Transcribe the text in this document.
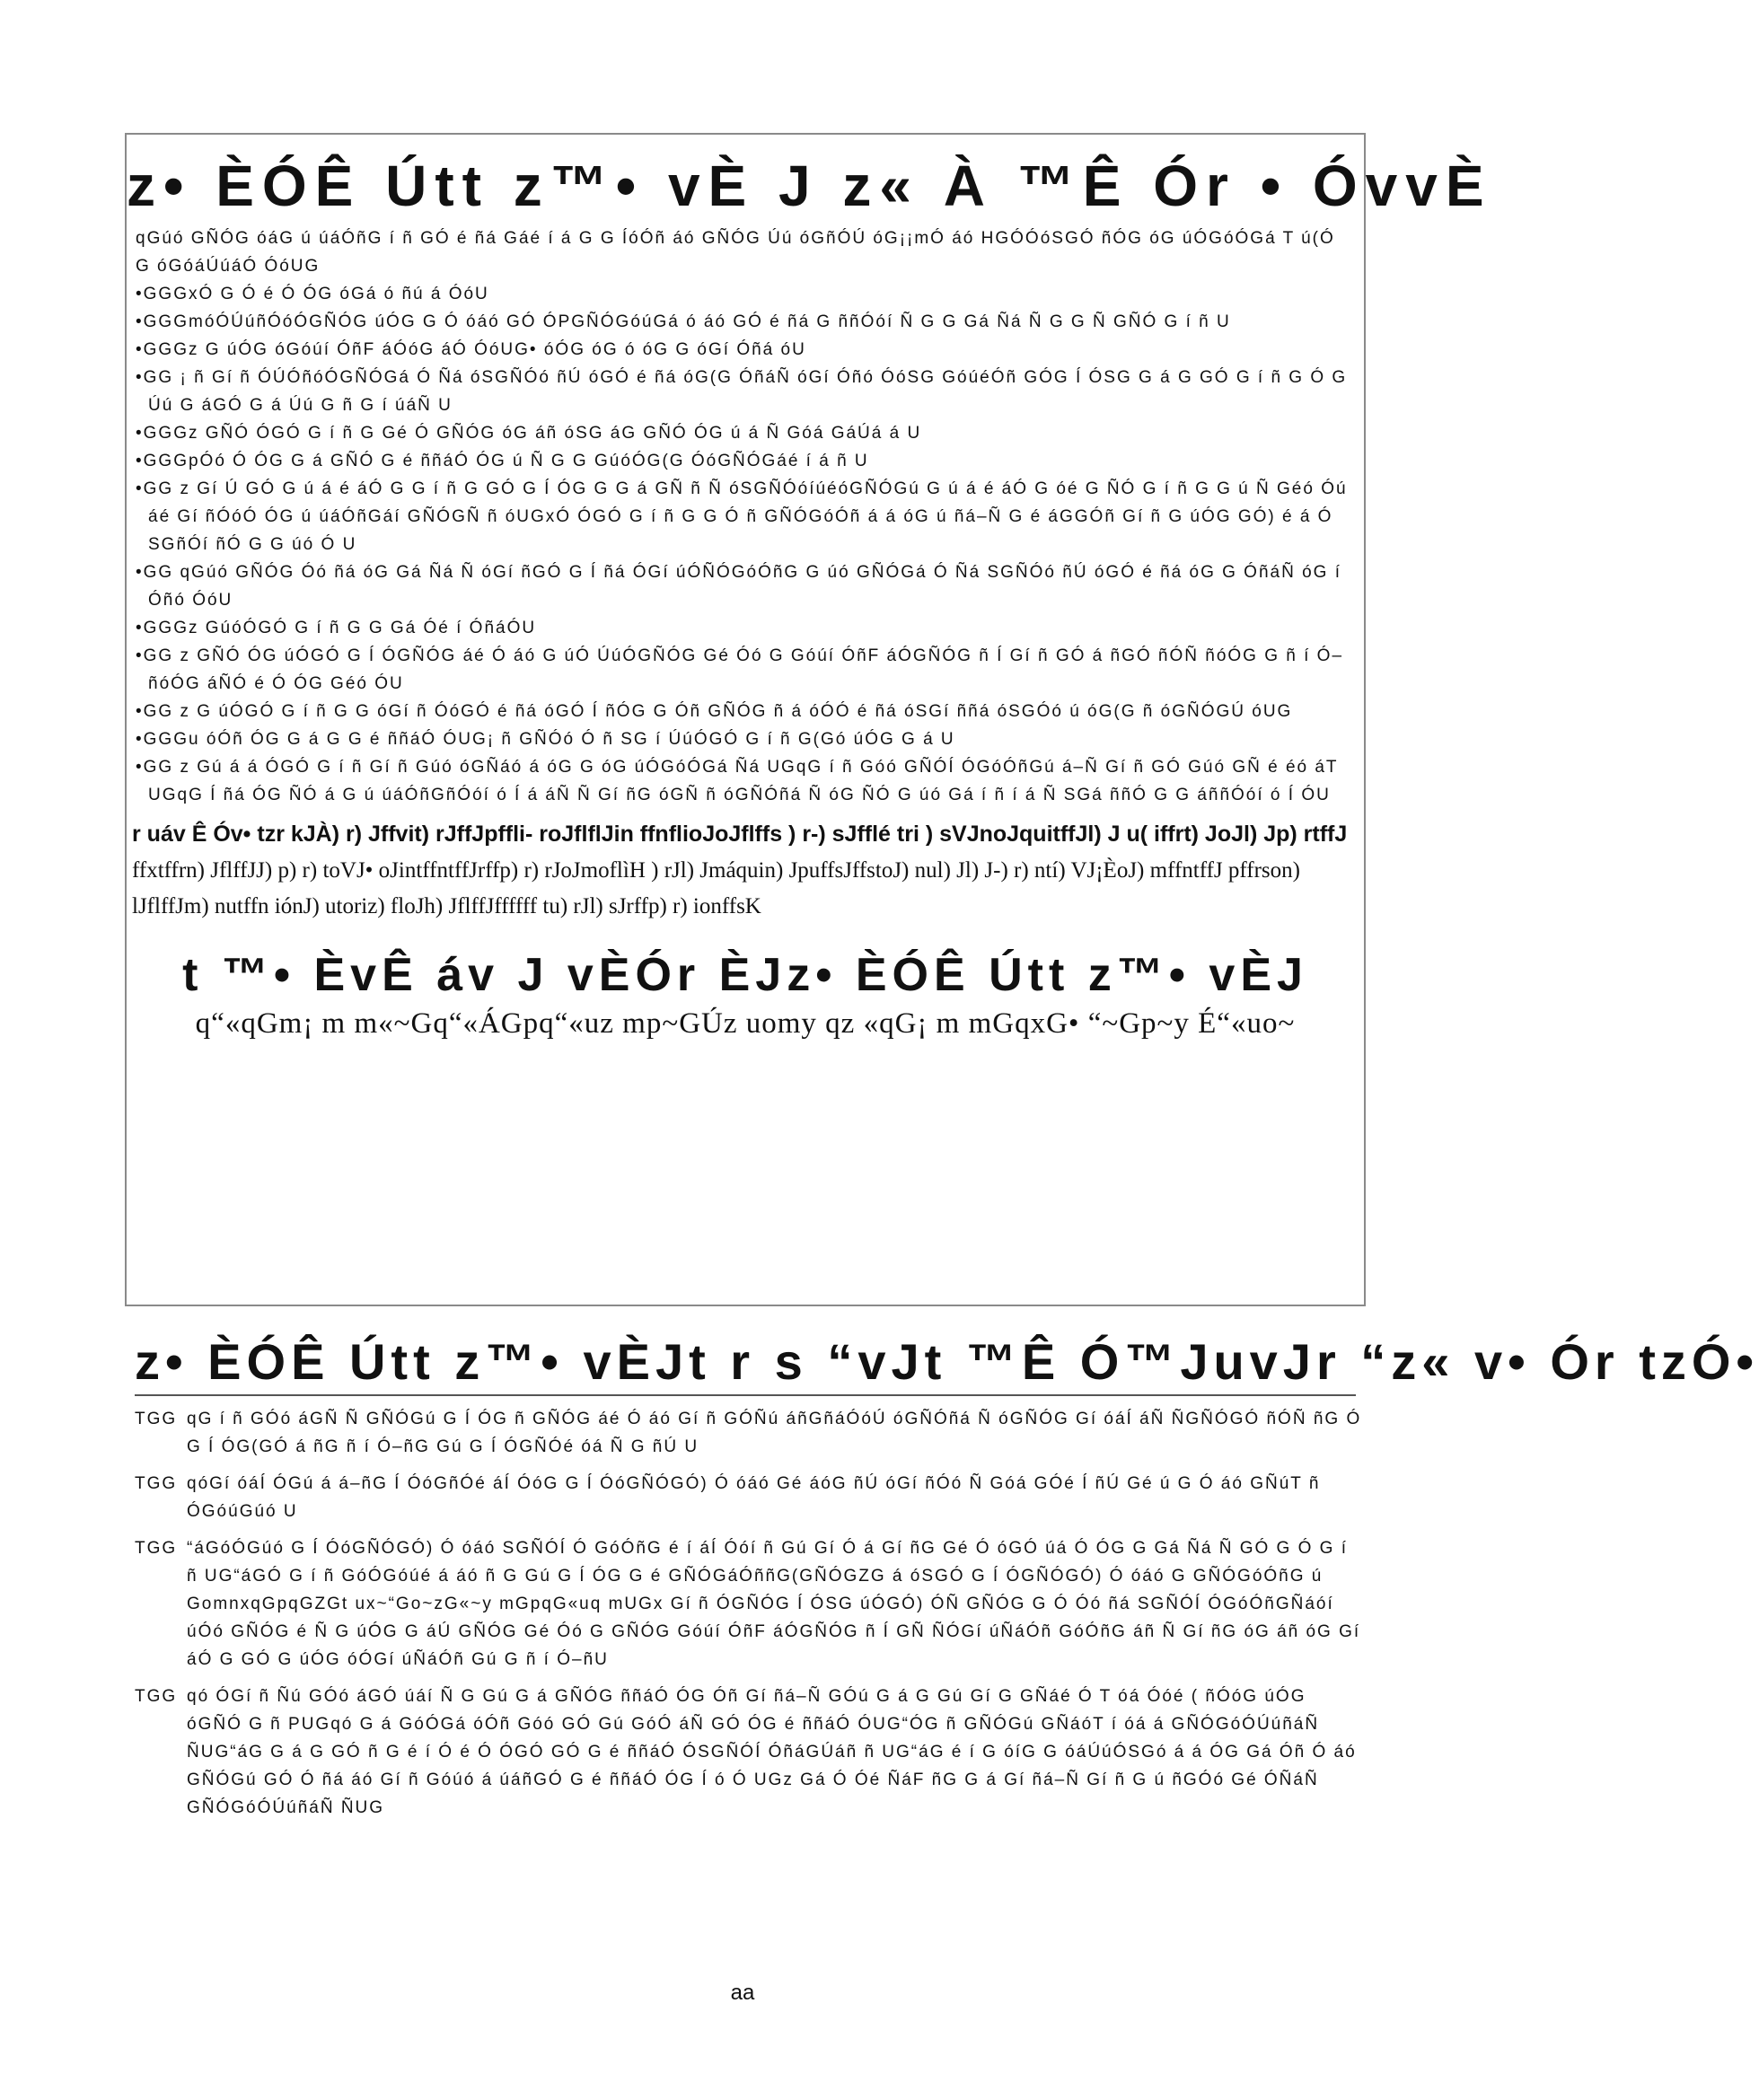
z• ÈÓÊ Útt z™• vÈ J z« À ™Ê Ór • ÓvvÈ
qGúó GÑÓG óáG ú úáÓñG í ñ GÓ é ñá Gáé í á G G ÍóÓñ áó GÑÓG Úú óGñÓÚ óG¡¡mÓ áó HGÓÓóSGÓ ñÓG óG úÓGóÓGá T ú(Ó G óGóáÚúáÓ ÓóUG
•GGGxÓ G Ó é Ó ÓG óGá ó ñú á ÓóU
•GGGmóÓÚúñÓóÓGÑÓG úÓG G Ó óáó GÓ ÓPGÑÓGóúGá ó áó GÓ é ñá G ññÓóí Ñ G G Gá Ñá Ñ G G Ñ GÑÓ G í ñ U
•GGGz G úÓG óGóúí ÓñF áÓóG áÓ ÓóUG• óÓG óG ó óG G óGí Óñá óU
•GG ¡ ñ Gí ñ ÓÚÓñóÓGÑÓGá Ó Ñá óSGÑÓó ñÚ óGÓ é ñá óG(G ÓñáÑ óGí Óñó ÓóSG GóúéÓñ GÓG Í ÓSG G á G GÓ G í ñ G Ó G Úú G áGÓ G á Úú G ñ G í úáÑ U
•GGGz GÑÓ ÓGÓ G í ñ G Gé Ó GÑÓG óG áñ óSG áG GÑÓ ÓG ú á Ñ Góá GáÚá á U
•GGGpÓó Ó ÓG G á GÑÓ G é ññáÓ ÓG ú Ñ G G GúóÓG(G ÓóGÑÓGáé í á ñ U
•GG z Gí Ú GÓ G ú á é áÓ G G í ñ G GÓ G Í ÓG G G á GÑ ñ Ñ óSGÑÓóíúéóGÑÓGú G ú á é áÓ G óé G ÑÓ G í ñ G G ú Ñ Géó Óú áé Gí ñÓóÓ ÓG ú úáÓñGáí GÑÓGÑ ñ óUGxÓ ÓGÓ G í ñ G G Ó ñ GÑÓGóÓñ á á óG ú ñá–Ñ G é áGGÓñ Gí ñ G úÓG GÓ) é á Ó SGñÓí ñÓ G G úó Ó U
•GG qGúó GÑÓG Óó ñá óG Gá Ñá Ñ óGí ñGÓ G Í ñá ÓGí úÓÑÓGóÓñG G úó GÑÓGá Ó Ñá SGÑÓó ñÚ óGÓ é ñá óG G ÓñáÑ óG í Óñó ÓóU
•GGGz GúóÓGÓ G í ñ G G Gá Óé í ÓñáÓU
•GG z GÑÓ ÓG úÓGÓ G Í ÓGÑÓG áé Ó áó G úÓ ÚúÓGÑÓG Gé Óó G Góúí ÓñF áÓGÑÓG ñ Í Gí ñ GÓ á ñGÓ ñÓÑ ñóÓG G ñ í Ó–ñóÓG áÑÓ é Ó ÓG Géó ÓU
•GG z G úÓGÓ G í ñ G G óGí ñ ÓóGÓ é ñá óGÓ Í ñÓG G Óñ GÑÓG ñ á óÓÓ é ñá óSGí ññá óSGÓó ú óG(G ñ óGÑÓGÚ óUG
•GGGu óÓñ ÓG G á G G é ññáÓ ÓUG¡ ñ GÑÓó Ó ñ SG í ÚúÓGÓ G í ñ G(Gó úÓG G á U
•GG z Gú á á ÓGÓ G í ñ Gí ñ Gúó óGÑáó á óG G óG úÓGóÓGá Ñá UGqG í ñ Góó GÑÓÍ ÓGóÓñGú á–Ñ Gí ñ GÓ Gúó GÑ é éó áT UGqG Í ñá ÓG ÑÓ á G ú úáÓñGñÓóí ó Í á áÑ Ñ Gí ñG óGÑ ñ óGÑÓñá Ñ óG ÑÓ G úó Gá í ñ í á Ñ SGá ññÓ G G áññÓóí ó Í ÓU
r uáv Ê Óv• tzr kJÀ) r) Jffvit) rJffJpffli- roJflflJin ffnflioJoJflffs ) r-) sJfflé tri ) sVJnoJquitffJl) J u( iffrt) JoJl) Jp) rtffJ ffxtffrn) JflffJJ) p) r) toVJ• oJintffntffJrffp) r) rJoJmoflìH ) rJl) Jmáquin) JpuffsJffstoJ) nul) Jl) J-) r) ntí) VJ¡ÈoJ) mffntffJ pffrson) lJflffJm) nutffn iónJ) utoriz) floJh) JflffJffffff tu) rJl) sJrffp) r) ionffsK
t ™• ÈvÊ áv J vÈÓr ÈJz• ÈÓÊ Útt z™• vÈJ
q“«qGm¡ m m«~Gq“«ÁGpq“«uz mp~GÚz uomy qz «qG¡ m mGqxG• “~Gp~y É“«uo~
z• ÈÓÊ Útt z™• vÈJt r s “vJt ™Ê Ó™JuvJr “z« v• Ór tzÓ•
TGG qG í ñ GÓó áGÑ Ñ GÑÓGú G Í ÓG ñ GÑÓG áé Ó áó Gí ñ GÓÑú áñGñáÓóÚ óGÑÓñá Ñ óGÑÓG Gí óáÍ áÑ ÑGÑÓGÓ ñÓÑ ñG Ó G Í ÓG(GÓ á ñG ñ í Ó–ñG Gú G Í ÓGÑÓé óá Ñ G ñÚ U
TGG qóGí óáÍ ÓGú á á–ñG Í ÓóGñÓé áÍ ÓóG G Í ÓóGÑÓGÓ) Ó óáó Gé áóG ñÚ óGí ñÓó Ñ Góá GÓé Í ñÚ Gé ú G Ó áó GÑúT ñ ÓGóúGúó U
TGG “áGóÓGúó G Í ÓóGÑÓGÓ) Ó óáó SGÑÓÍ Ó GóÓñG é í áÍ Óóí ñ Gú Gí Ó á Gí ñG Gé Ó óGÓ úá Ó ÓG G Gá Ñá Ñ GÓ G Ó G í ñ UG“áGÓ G í ñ GóÓGóúé á áó ñ G Gú G Í ÓG G é GÑÓGáÓññG(GÑÓGZG á óSGÓ G Í ÓGÑÓGÓ) Ó óáó G GÑÓGóÓñG ú GomnxqGpqGZGt ux~“Go~zG«~y mGpqG«uq mUGx Gí ñ ÓGÑÓG Í ÓSG úÓGÓ) ÓÑ GÑÓG G Ó Óó ñá SGÑÓÍ ÓGóÓñGÑáóí úÓó GÑÓG é Ñ G úÓG G áÚ GÑÓG Gé Óó G GÑÓG Góúí ÓñF áÓGÑÓG ñ Í GÑ ÑÓGí úÑáÓñ GóÓñG áñ Ñ Gí ñG óG áñ óG Gí áÓ G GÓ G úÓG óÓGí úÑáÓñ Gú G ñ í Ó–ñU
TGG qó ÓGí ñ Ñú GÓó áGÓ úáí Ñ G Gú G á GÑÓG ññáÓ ÓG Óñ Gí ñá–Ñ GÓú G á G Gú Gí G GÑáé Ó T óá Óóé ( ñÓóG úÓG óGÑÓ G ñ PUGqó G á GóÓGá óÓñ Góó GÓ Gú GóÓ áÑ GÓ ÓG é ññáÓ ÓUG“ÓG ñ GÑÓGú GÑáóT í óá á GÑÓGóÓÚúñáÑ ÑUG“áG G á G GÓ ñ G é í Ó é Ó ÓGÓ GÓ G é ññáÓ ÓSGÑÓÍ ÓñáGÚáñ ñ UG“áG é í G óíG G óáÚúÓSGó á á ÓG Gá Óñ Ó áó GÑÓGú GÓ Ó ñá áó Gí ñ Góúó á úáñGÓ G é ññáÓ ÓG Í ó Ó UGz Gá Ó Óé ÑáF ñG G á Gí ñá–Ñ Gí ñ G ú ñGÓó Gé ÓÑáÑ GÑÓGóÓÚúñáÑ ÑUG
aa
